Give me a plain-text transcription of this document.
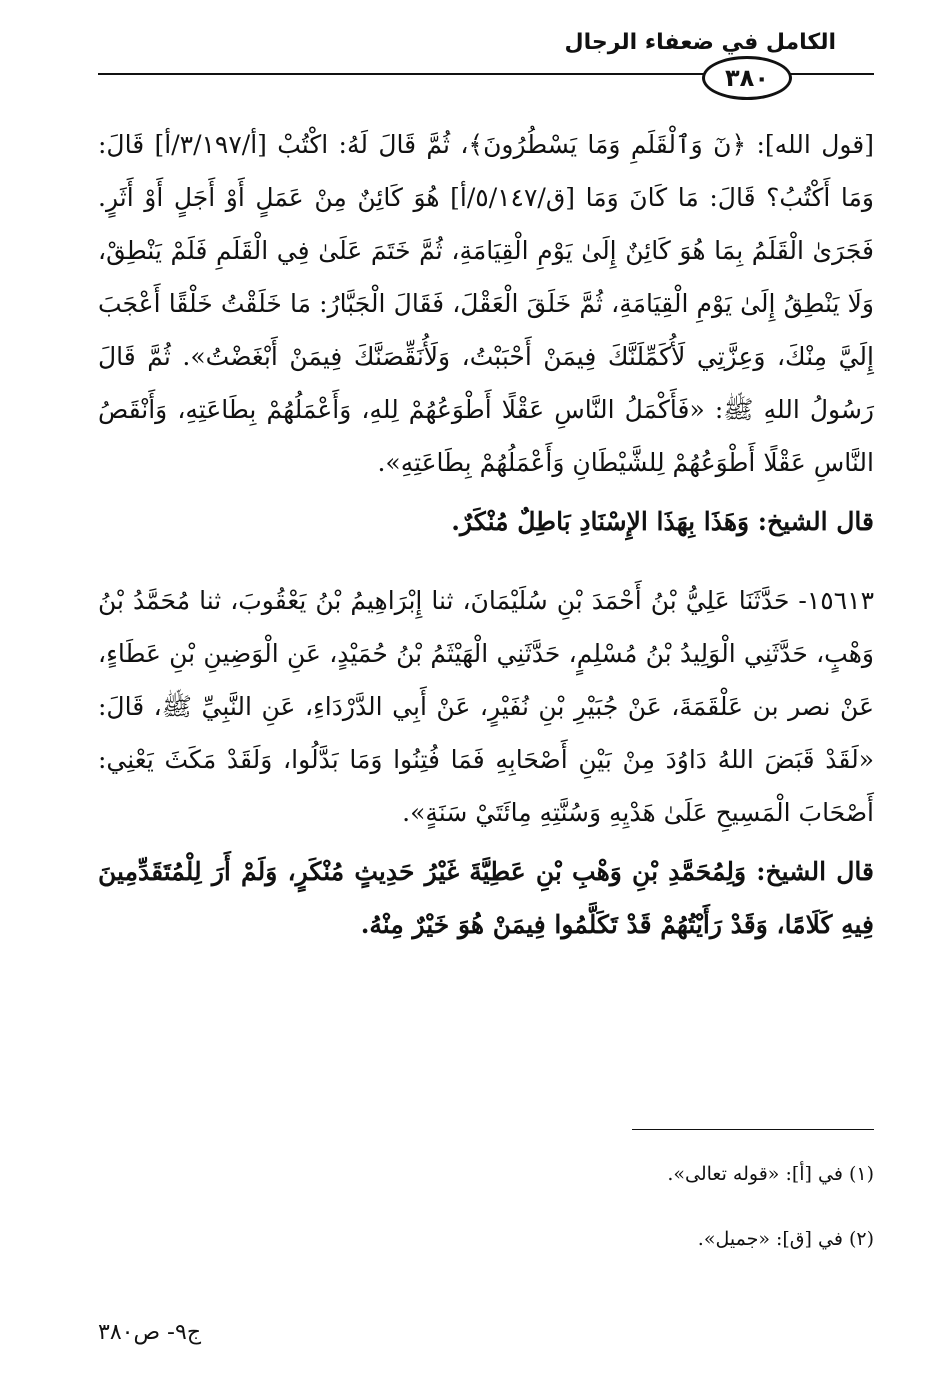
الكامل في ضعفاء الرجال
٣٨٠

[قول الله]: ﴿نٓ وَٱلْقَلَمِ وَمَا يَسْطُرُونَ﴾، ثُمَّ قَالَ لَهُ: اكْتُبْ [أ/٣/١٩٧/أ] قَالَ: وَمَا أَكْتُبُ؟ قَالَ: مَا كَانَ وَمَا [ق/٥/١٤٧/أ] هُوَ كَائِنٌ مِنْ عَمَلٍ أَوْ أَجَلٍ أَوْ أَثَرٍ. فَجَرَىٰ الْقَلَمُ بِمَا هُوَ كَائِنٌ إِلَىٰ يَوْمِ الْقِيَامَةِ، ثُمَّ خَتَمَ عَلَىٰ فِي الْقَلَمِ فَلَمْ يَنْطِقْ، وَلَا يَنْطِقُ إِلَىٰ يَوْمِ الْقِيَامَةِ، ثُمَّ خَلَقَ الْعَقْلَ، فَقَالَ الْجَبَّارُ: مَا خَلَقْتُ خَلْقًا أَعْجَبَ إِلَيَّ مِنْكَ، وَعِزَّتِي لَأُكَمِّلَنَّكَ فِيمَنْ أَحْبَبْتُ، وَلَأُنَقِّصَنَّكَ فِيمَنْ أَبْغَضْتُ». ثُمَّ قَالَ رَسُولُ اللهِ ﷺ: «فَأَكْمَلُ النَّاسِ عَقْلًا أَطْوَعُهُمْ لِلهِ، وَأَعْمَلُهُمْ بِطَاعَتِهِ، وَأَنْقَصُ النَّاسِ عَقْلًا أَطْوَعُهُمْ لِلشَّيْطَانِ وَأَعْمَلُهُمْ بِطَاعَتِهِ».

قال الشيخ: وَهَذَا بِهَذَا الإِسْنَادِ بَاطِلٌ مُنْكَرٌ.

١٥٦١٣- حَدَّثَنَا عَلِيُّ بْنُ أَحْمَدَ بْنِ سُلَيْمَانَ، ثنا إِبْرَاهِيمُ بْنُ يَعْقُوبَ، ثنا مُحَمَّدُ بْنُ وَهْبٍ، حَدَّثَنِي الْوَلِيدُ بْنُ مُسْلِمٍ، حَدَّثَنِي الْهَيْثَمُ بْنُ حُمَيْدٍ، عَنِ الْوَضِينِ بْنِ عَطَاءٍ، عَنْ نصر بن عَلْقَمَةَ، عَنْ جُبَيْرِ بْنِ نُفَيْرٍ، عَنْ أَبِي الدَّرْدَاءِ، عَنِ النَّبِيِّ ﷺ، قَالَ: «لَقَدْ قَبَضَ اللهُ دَاوُدَ مِنْ بَيْنِ أَصْحَابِهِ فَمَا فُتِنُوا وَمَا بَدَّلُوا، وَلَقَدْ مَكَثَ يَعْنِي: أَصْحَابَ الْمَسِيحِ عَلَىٰ هَدْيِهِ وَسُنَّتِهِ مِائَتَيْ سَنَةٍ».

قال الشيخ: وَلِمُحَمَّدِ بْنِ وَهْبِ بْنِ عَطِيَّةَ غَيْرُ حَدِيثٍ مُنْكَرٍ، وَلَمْ أَرَ لِلْمُتَقَدِّمِينَ فِيهِ كَلَامًا، وَقَدْ رَأَيْتُهُمْ قَدْ تَكَلَّمُوا فِيمَنْ هُوَ خَيْرٌ مِنْهُ.

(١) في [أ]: «قوله تعالى».
(٢) في [ق]: «جميل».
ج٩- ص٣٨٠
